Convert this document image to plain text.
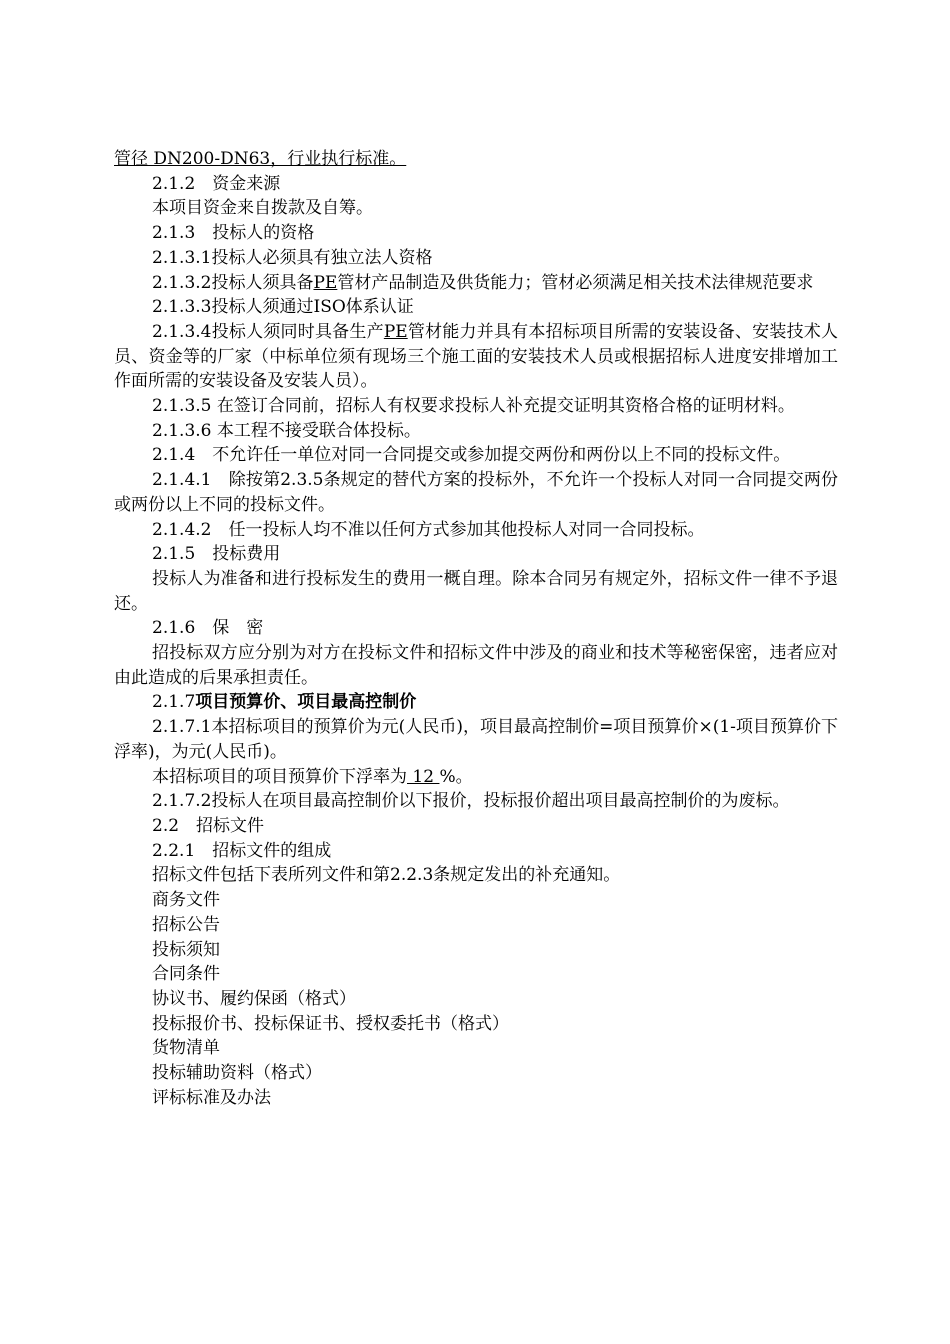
管径 DN200-DN63，行业执行标准。

2.1.2　资金来源

本项目资金来自拨款及自筹。

2.1.3　投标人的资格

2.1.3.1投标人必须具有独立法人资格

2.1.3.2投标人须具备PE管材产品制造及供货能力；管材必须满足相关技术法律规范要求

2.1.3.3投标人须通过ISO体系认证

2.1.3.4投标人须同时具备生产PE管材能力并具有本招标项目所需的安装设备、安装技术人员、资金等的厂家（中标单位须有现场三个施工面的安装技术人员或根据招标人进度安排增加工作面所需的安装设备及安装人员）。

2.1.3.5 在签订合同前，招标人有权要求投标人补充提交证明其资格合格的证明材料。

2.1.3.6 本工程不接受联合体投标。

2.1.4　不允许任一单位对同一合同提交或参加提交两份和两份以上不同的投标文件。

2.1.4.1　除按第2.3.5条规定的替代方案的投标外，不允许一个投标人对同一合同提交两份或两份以上不同的投标文件。

2.1.4.2　任一投标人均不准以任何方式参加其他投标人对同一合同投标。

2.1.5　投标费用

投标人为准备和进行投标发生的费用一概自理。除本合同另有规定外，招标文件一律不予退还。

2.1.6　保　密

招投标双方应分别为对方在投标文件和招标文件中涉及的商业和技术等秘密保密，违者应对由此造成的后果承担责任。

2.1.7项目预算价、项目最高控制价

2.1.7.1本招标项目的预算价为元(人民币)，项目最高控制价=项目预算价×(1-项目预算价下浮率)，为元(人民币)。

本招标项目的项目预算价下浮率为 12 %。

2.1.7.2投标人在项目最高控制价以下报价，投标报价超出项目最高控制价的为废标。

2.2　招标文件

2.2.1　招标文件的组成

招标文件包括下表所列文件和第2.2.3条规定发出的补充通知。

商务文件

招标公告

投标须知

合同条件

协议书、履约保函（格式）

投标报价书、投标保证书、授权委托书（格式）

货物清单

投标辅助资料（格式）

评标标准及办法
